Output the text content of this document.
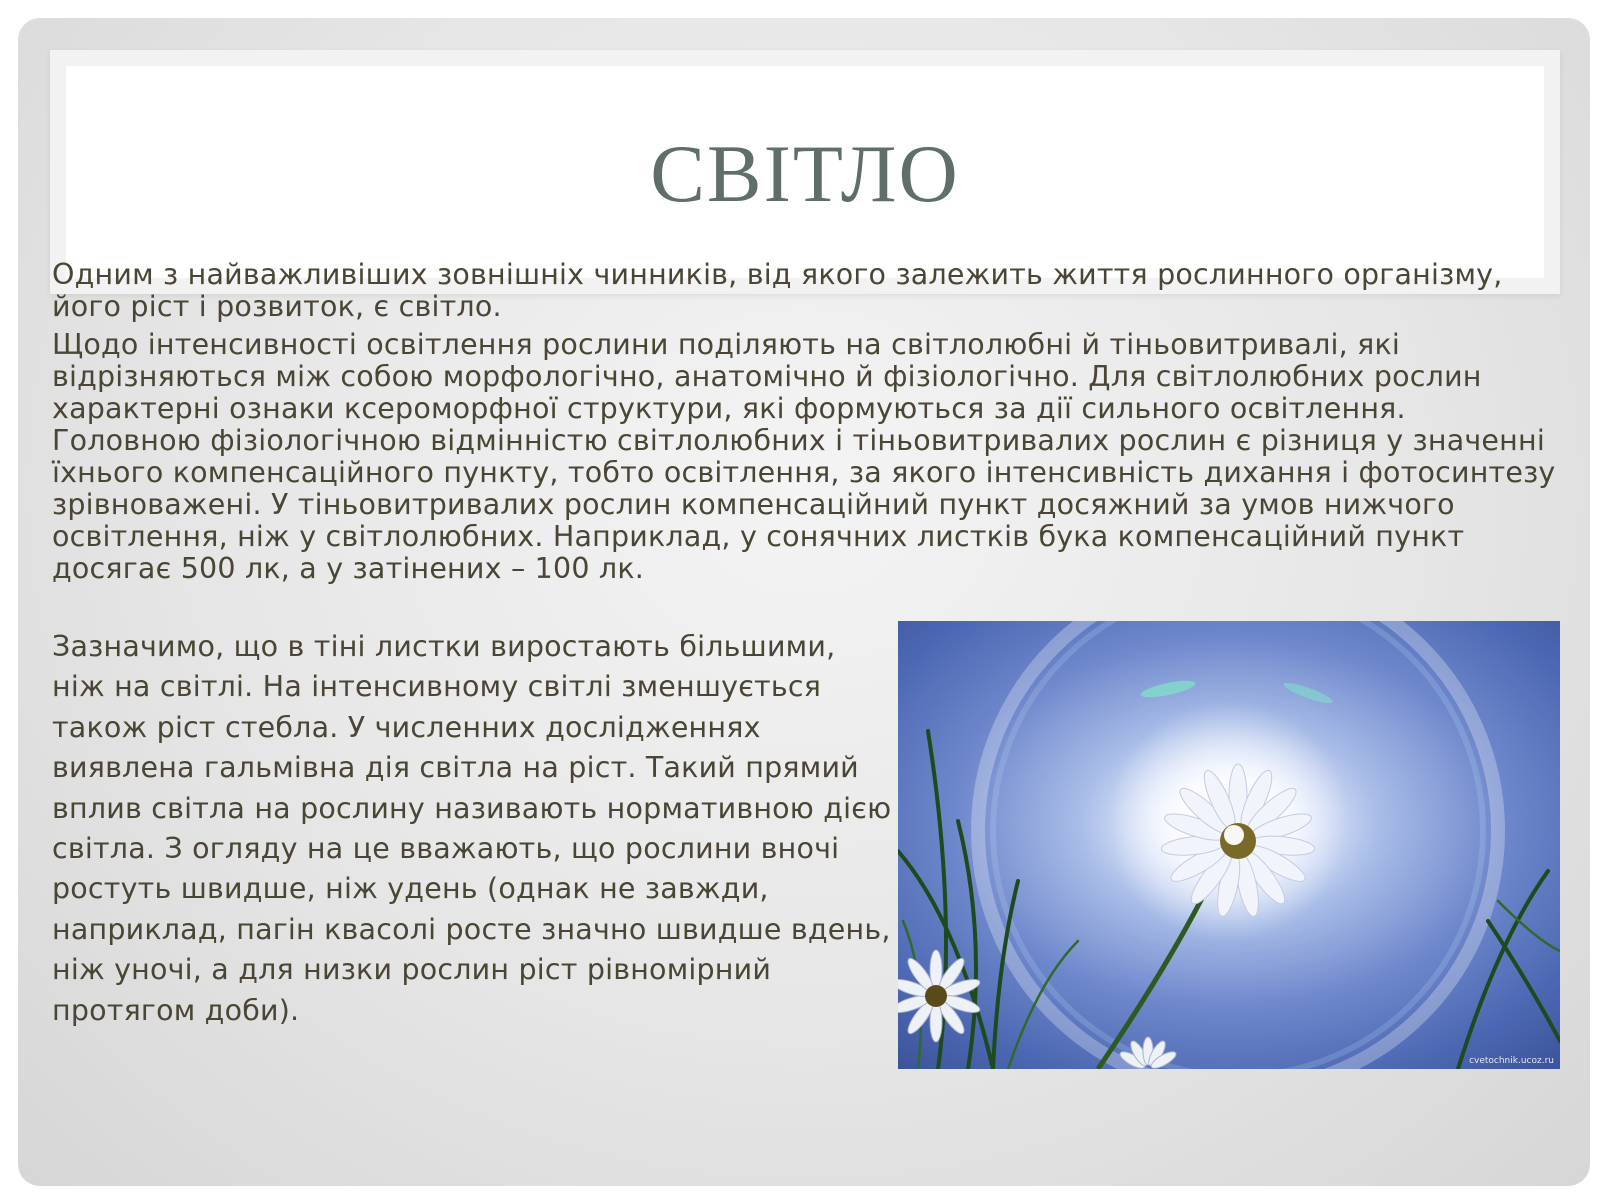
СВІТЛО

Одним з найважливіших зовнішніх чинників, від якого залежить життя рослинного організму, його ріст і розвиток, є світло.

Щодо інтенсивності освітлення рослини поділяють на світлолюбні й тіньовитривалі, які відрізняються між собою морфологічно, анатомічно й фізіологічно. Для світлолюбних рослин характерні ознаки ксероморфної структури, які формуються за дії сильного освітлення. Головною фізіологічною відмінністю світлолюбних і тіньовитривалих рослин є різниця у значенні їхнього компенсаційного пункту, тобто освітлення, за якого інтенсивність дихання і фотосинтезу зрівноважені. У тіньовитривалих рослин компенсаційний пункт досяжний за умов нижчого освітлення, ніж у світлолюбних. Наприклад, у сонячних листків бука компенсаційний пункт досягає 500 лк, а у затінених – 100 лк.

Зазначимо, що в тіні листки виростають більшими, ніж на світлі. На інтенсивному світлі зменшується також ріст стебла. У численних дослідженнях виявлена гальмівна дія світла на ріст. Такий прямий вплив світла на рослину називають нормативною дією світла. З огляду на це вважають, що рослини вночі ростуть швидше, ніж удень (однак не завжди, наприклад, пагін квасолі росте значно швидше вдень, ніж уночі, а для низки рослин ріст рівномірний протягом доби).

cvetochnik.ucoz.ru
